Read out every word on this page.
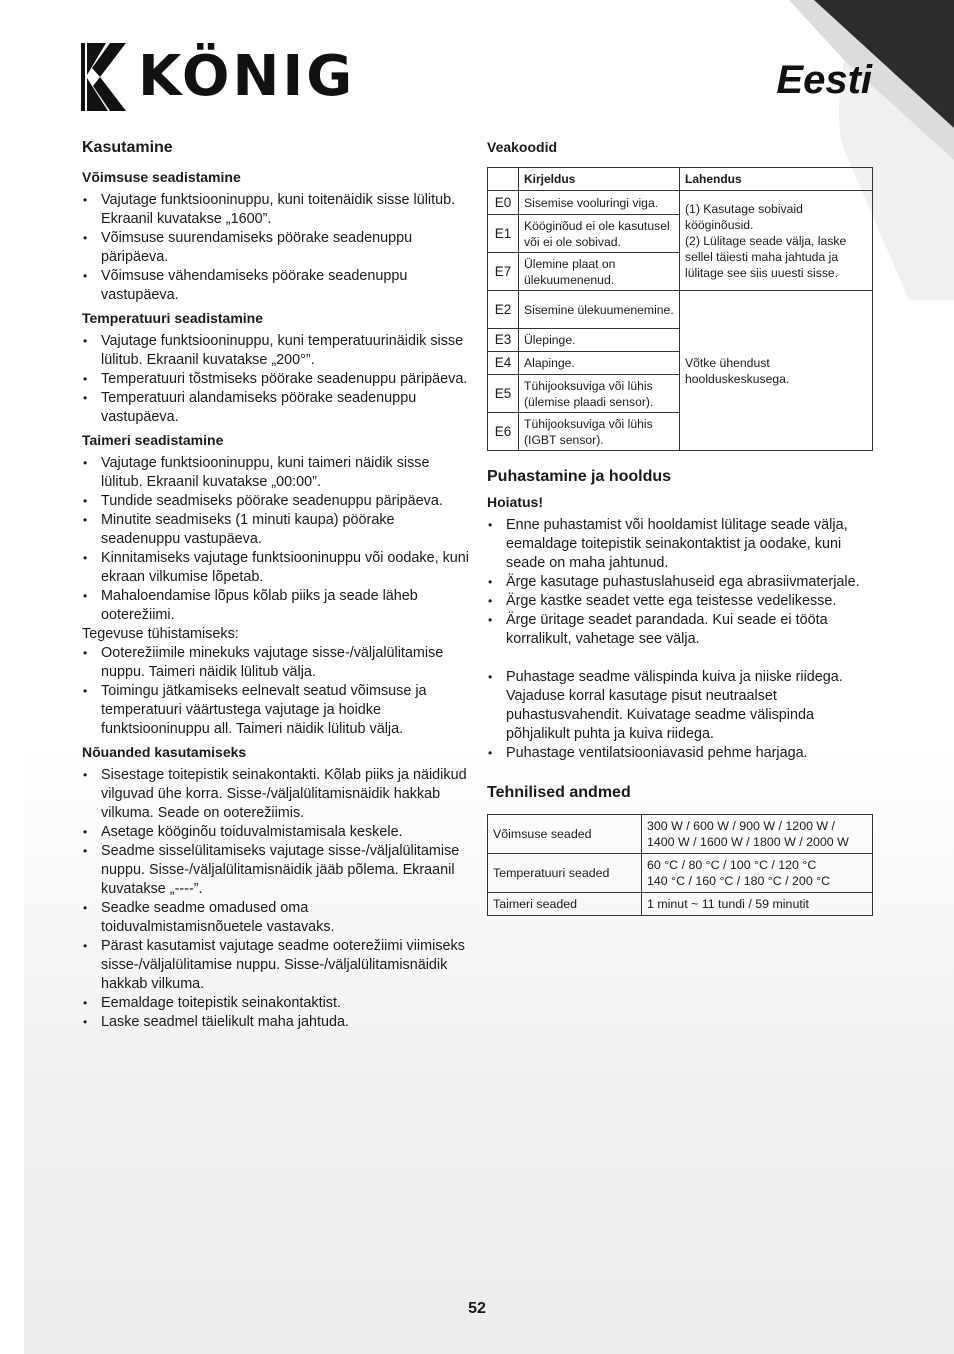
KÖNIG	Eesti
Kasutamine
Võimsuse seadistamine
• Vajutage funktsiooninuppu, kuni toitenäidik sisse lülitub. Ekraanil kuvatakse „1600”.
• Võimsuse suurendamiseks pöörake seadenuppu päripäeva.
• Võimsuse vähendamiseks pöörake seadenuppu vastupäeva.
Temperatuuri seadistamine
• Vajutage funktsiooninuppu, kuni temperatuurinäidik sisse lülitub. Ekraanil kuvatakse „200°”.
• Temperatuuri tõstmiseks pöörake seadenuppu päripäeva.
• Temperatuuri alandamiseks pöörake seadenuppu vastupäeva.
Taimeri seadistamine
• Vajutage funktsiooninuppu, kuni taimeri näidik sisse lülitub. Ekraanil kuvatakse „00:00”.
• Tundide seadmiseks pöörake seadenuppu päripäeva.
• Minutite seadmiseks (1 minuti kaupa) pöörake seadenuppu vastupäeva.
• Kinnitamiseks vajutage funktsiooninuppu või oodake, kuni ekraan vilkumise lõpetab.
• Mahaloendamise lõpus kõlab piiks ja seade läheb ooterežiimi.

Tegevuse tühistamiseks:

• Ooterežiimile minekuks vajutage sisse-/väljalülitamise nuppu. Taimeri näidik lülitub välja.
• Toimingu jätkamiseks eelnevalt seatud võimsuse ja temperatuuri väärtustega vajutage ja hoidke funktsiooninuppu all. Taimeri näidik lülitub välja.
Nõuanded kasutamiseks
• Sisestage toitepistik seinakontakti. Kõlab piiks ja näidikud vilguvad ühe korra. Sisse-/väljalülitamisnäidik hakkab vilkuma. Seade on ooterežiimis.
• Asetage kööginõu toiduvalmistamisala keskele.
• Seadme sisselülitamiseks vajutage sisse-/väljalülitamise nuppu. Sisse-/väljalülitamisnäidik jääb põlema. Ekraanil kuvatakse „----”.
• Seadke seadme omadused oma toiduvalmistamisnõuetele vastavaks.
• Pärast kasutamist vajutage seadme ooterežiimi viimiseks sisse-/väljalülitamise nuppu. Sisse-/väljalülitamisnäidik hakkab vilkuma.
• Eemaldage toitepistik seinakontaktist.
• Laske seadmel täielikult maha jahtuda.
Veakoodid
	Kirjeldus	Lahendus
E0	Sisemise vooluringi viga.	(1) Kasutage sobivaid kööginõusid.
(2) Lülitage seade välja, laske sellel täiesti maha jahtuda ja lülitage see siis uuesti sisse.

E1	Kööginõud ei ole kasutusel või ei ole sobivad.	
E7	Ülemine plaat on ülekuumenenud.	
E2	Sisemine ülekuumenemine.	Võtke ühendust hoolduskeskusega.
E3	Ülepinge.	
E4	Alapinge.	
E5	Tühijooksuviga või lühis (ülemise plaadi sensor).	
E6	Tühijooksuviga või lühis (IGBT sensor).	
Puhastamine ja hooldus
Hoiatus!
• Enne puhastamist või hooldamist lülitage seade välja, eemaldage toitepistik seinakontaktist ja oodake, kuni seade on maha jahtunud.
• Ärge kasutage puhastuslahuseid ega abrasiivmaterjale.
• Ärge kastke seadet vette ega teistesse vedelikesse.
• Ärge üritage seadet parandada. Kui seade ei tööta korralikult, vahetage see välja.
• Puhastage seadme välispinda kuiva ja niiske riidega. Vajaduse korral kasutage pisut neutraalset puhastusvahendit. Kuivatage seadme välispinda põhjalikult puhta ja kuiva riidega.
• Puhastage ventilatsiooniavasid pehme harjaga.
Tehnilised andmed
Võimsuse seaded	300 W / 600 W / 900 W / 1200 W /
1400 W / 1600 W / 1800 W / 2000 W

Temperatuuri seaded	60 °C / 80 °C / 100 °C / 120 °C
140 °C / 160 °C / 180 °C / 200 °C

Taimeri seaded	1 minut ~ 11 tundi / 59 minutit
52
